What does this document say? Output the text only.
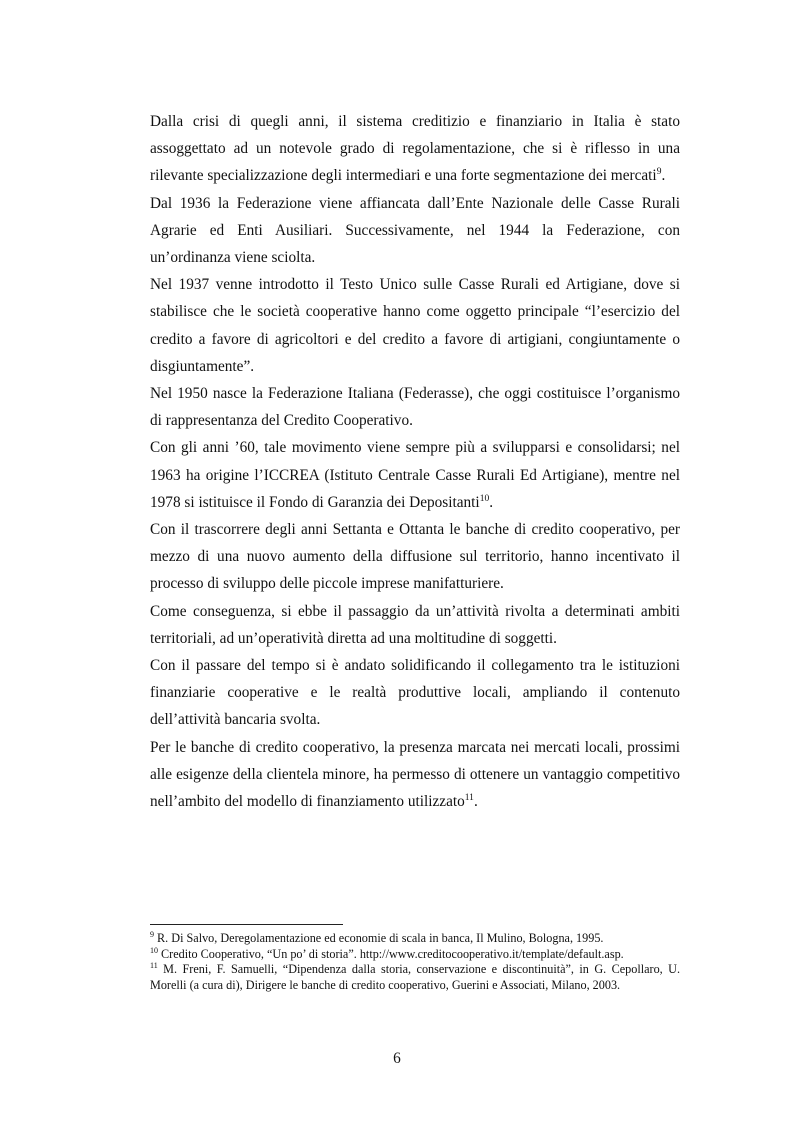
Dalla crisi di quegli anni, il sistema creditizio e finanziario in Italia è stato assoggettato ad un notevole grado di regolamentazione, che si è riflesso in una rilevante specializzazione degli intermediari e una forte segmentazione dei mercati$^9$.

Dal 1936 la Federazione viene affiancata dall’Ente Nazionale delle Casse Rurali Agrarie ed Enti Ausiliari. Successivamente, nel 1944 la Federazione, con un’ordinanza viene sciolta.

Nel 1937 venne introdotto il Testo Unico sulle Casse Rurali ed Artigiane, dove si stabilisce che le società cooperative hanno come oggetto principale “l’esercizio del credito a favore di agricoltori e del credito a favore di artigiani, congiuntamente o disgiuntamente”.

Nel 1950 nasce la Federazione Italiana (Federasse), che oggi costituisce l’organismo di rappresentanza del Credito Cooperativo.

Con gli anni ’60, tale movimento viene sempre più a svilupparsi e consolidarsi; nel 1963 ha origine l’ICCREA (Istituto Centrale Casse Rurali Ed Artigiane), mentre nel 1978 si istituisce il Fondo di Garanzia dei Depositanti$^{10}$.

Con il trascorrere degli anni Settanta e Ottanta le banche di credito cooperativo, per mezzo di una nuovo aumento della diffusione sul territorio, hanno incentivato il processo di sviluppo delle piccole imprese manifatturiere.

Come conseguenza, si ebbe il passaggio da un’attività rivolta a determinati ambiti territoriali, ad un’operatività diretta ad una moltitudine di soggetti.

Con il passare del tempo si è andato solidificando il collegamento tra le istituzioni finanziarie cooperative e le realtà produttive locali, ampliando il contenuto dell’attività bancaria svolta.

Per le banche di credito cooperativo, la presenza marcata nei mercati locali, prossimi alle esigenze della clientela minore, ha permesso di ottenere un vantaggio competitivo nell’ambito del modello di finanziamento utilizzato$^{11}$.

$^9$ R. Di Salvo, Deregolamentazione ed economie di scala in banca, Il Mulino, Bologna, 1995.

$^{10}$ Credito Cooperativo, “Un po’ di storia”. http://www.creditocooperativo.it/template/default.asp.

$^{11}$ M. Freni, F. Samuelli, “Dipendenza dalla storia, conservazione e discontinuità”, in G. Cepollaro, U. Morelli (a cura di), Dirigere le banche di credito cooperativo, Guerini e Associati, Milano, 2003.

6
